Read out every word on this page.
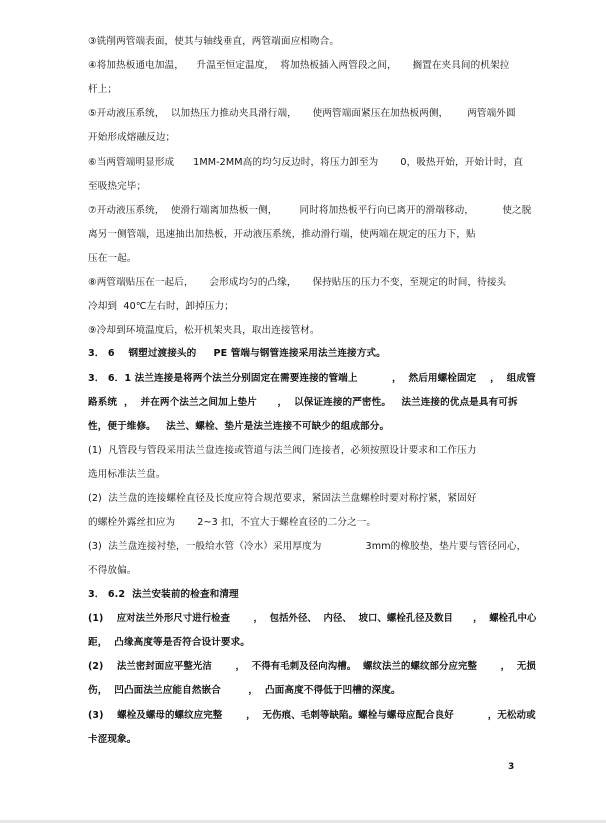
③铣削两管端表面，使其与轴线垂直，两管端面应相吻合。
④将加热板通电加温，    升温至恒定温度，  将加热板插入两管段之间，     搁置在夹具间的机架拉
杆上；
⑤开动液压系统，  以加热压力推动夹具滑行端，     使两管端面紧压在加热板两侧，      两管端外圆
开始形成熔融反边；
⑥当两管端明显形成      1MM-2MM高的均匀反边时，将压力卸至为       0，吸热开始，开始计时，直
至吸热完毕；
⑦开动液压系统，  使滑行端离加热板一侧，       同时将加热板平行向已离开的滑端移动，         使之脱
离另一侧管端，迅速抽出加热板，开动液压系统，推动滑行端，使两端在规定的压力下，贴
压在一起。
⑧两管端贴压在一起后，     会形成均匀的凸缘，     保持贴压的压力不变，至规定的时间，待接头
冷却到  40℃左右时，卸掉压力；
⑨冷却到环境温度后，松开机架夹具，取出连接管材。
3． 6    钢塑过渡接头的     PE 管端与钢管连接采用法兰连接方式。
3． 6．1 法兰连接是将两个法兰分别固定在需要连接的管端上          ，  然后用螺栓固定    ，  组成管
路系统  ，  并在两个法兰之间加上垫片      ，  以保证连接的严密性。   法兰连接的优点是具有可拆
性，便于维修。   法兰、螺栓、垫片是法兰连接不可缺少的组成部分。
(1)  凡管段与管段采用法兰盘连接或管道与法兰阀门连接者，必须按照设计要求和工作压力
选用标准法兰盘。
(2)  法兰盘的连接螺栓直径及长度应符合规范要求，紧固法兰盘螺栓时要对称拧紧，紧固好
的螺栓外露丝扣应为       2~3 扣，不宜大于螺栓直径的二分之一。
(3)  法兰盘连接衬垫，一般给水管（冷水）采用厚度为              3mm的橡胶垫，垫片要与管径同心，
不得放偏。
3． 6.2  法兰安装前的检查和清理
(1)    应对法兰外形尺寸进行检查       ，  包括外径、  内径、  坡口、螺栓孔径及数目      ，  螺栓孔中心
距，  凸缘高度等是否符合设计要求。
(2)    法兰密封面应平整光洁       ，  不得有毛刺及径向沟槽。  螺纹法兰的螺纹部分应完整       ，  无损
伤，  凹凸面法兰应能自然嵌合        ，  凸面高度不得低于凹槽的深度。
(3)    螺栓及螺母的螺纹应完整       ，  无伤痕、毛刺等缺陷。螺栓与螺母应配合良好          ，无松动或
卡涩现象。
3
